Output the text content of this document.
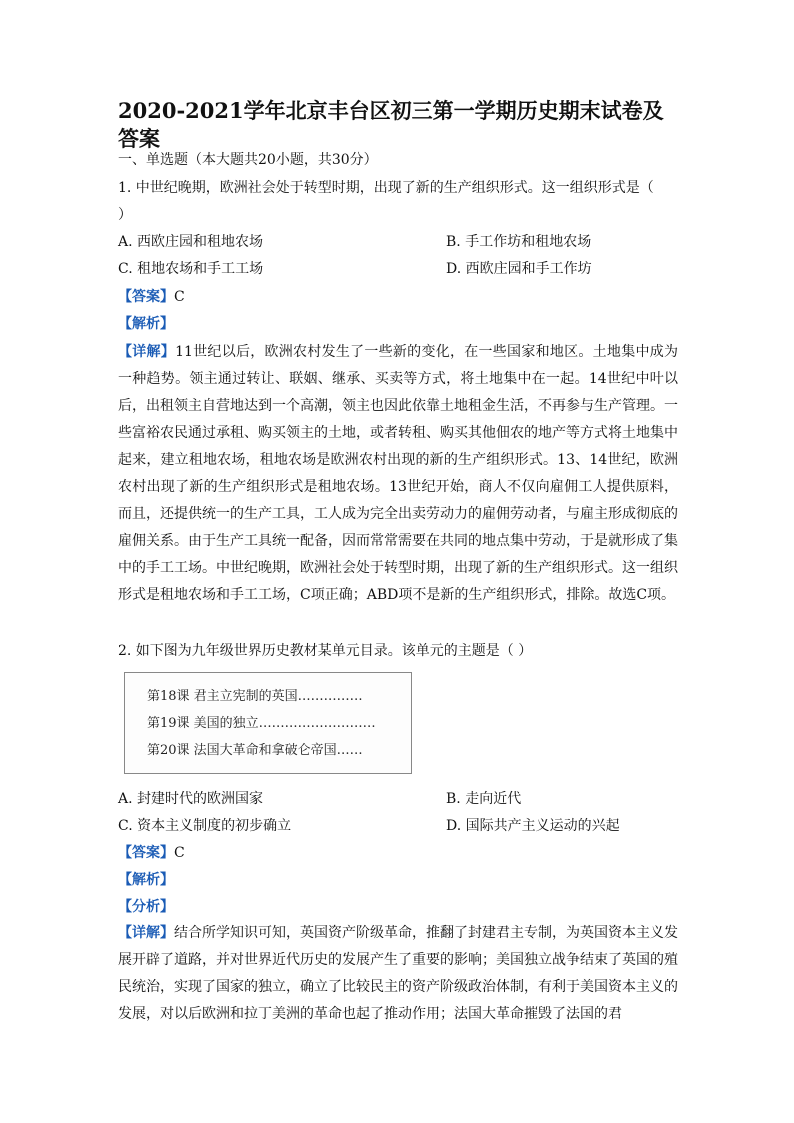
2020-2021学年北京丰台区初三第一学期历史期末试卷及答案
一、单选题（本大题共20小题，共30分）
1. 中世纪晚期，欧洲社会处于转型时期，出现了新的生产组织形式。这一组织形式是（
）
A. 西欧庄园和租地农场	B. 手工作坊和租地农场
C. 租地农场和手工工场	D. 西欧庄园和手工作坊
【答案】C
【解析】

【详解】11世纪以后，欧洲农村发生了一些新的变化，在一些国家和地区。土地集中成为一种趋势。领主通过转让、联姻、继承、买卖等方式，将土地集中在一起。14世纪中叶以后，出租领主自营地达到一个高潮，领主也因此依靠土地租金生活，不再参与生产管理。一些富裕农民通过承租、购买领主的土地，或者转租、购买其他佃农的地产等方式将土地集中起来，建立租地农场，租地农场是欧洲农村出现的新的生产组织形式。13、14世纪，欧洲农村出现了新的生产组织形式是租地农场。13世纪开始，商人不仅向雇佣工人提供原料，而且，还提供统一的生产工具，工人成为完全出卖劳动力的雇佣劳动者，与雇主形成彻底的雇佣关系。由于生产工具统一配备，因而常常需要在共同的地点集中劳动，于是就形成了集中的手工工场。中世纪晚期，欧洲社会处于转型时期，出现了新的生产组织形式。这一组织形式是租地农场和手工工场，C项正确；ABD项不是新的生产组织形式，排除。故选C项。

2. 如下图为九年级世界历史教材某单元目录。该单元的主题是（ ）
第18课 君主立宪制的英国……………
第19课 美国的独立………………………
第20课 法国大革命和拿破仑帝国……
A. 封建时代的欧洲国家	B. 走向近代
C. 资本主义制度的初步确立	D. 国际共产主义运动的兴起
【答案】C
【解析】
【分析】

【详解】结合所学知识可知，英国资产阶级革命，推翻了封建君主专制，为英国资本主义发展开辟了道路，并对世界近代历史的发展产生了重要的影响；美国独立战争结束了英国的殖民统治，实现了国家的独立，确立了比较民主的资产阶级政治体制，有利于美国资本主义的发展，对以后欧洲和拉丁美洲的革命也起了推动作用；法国大革命摧毁了法国的君
